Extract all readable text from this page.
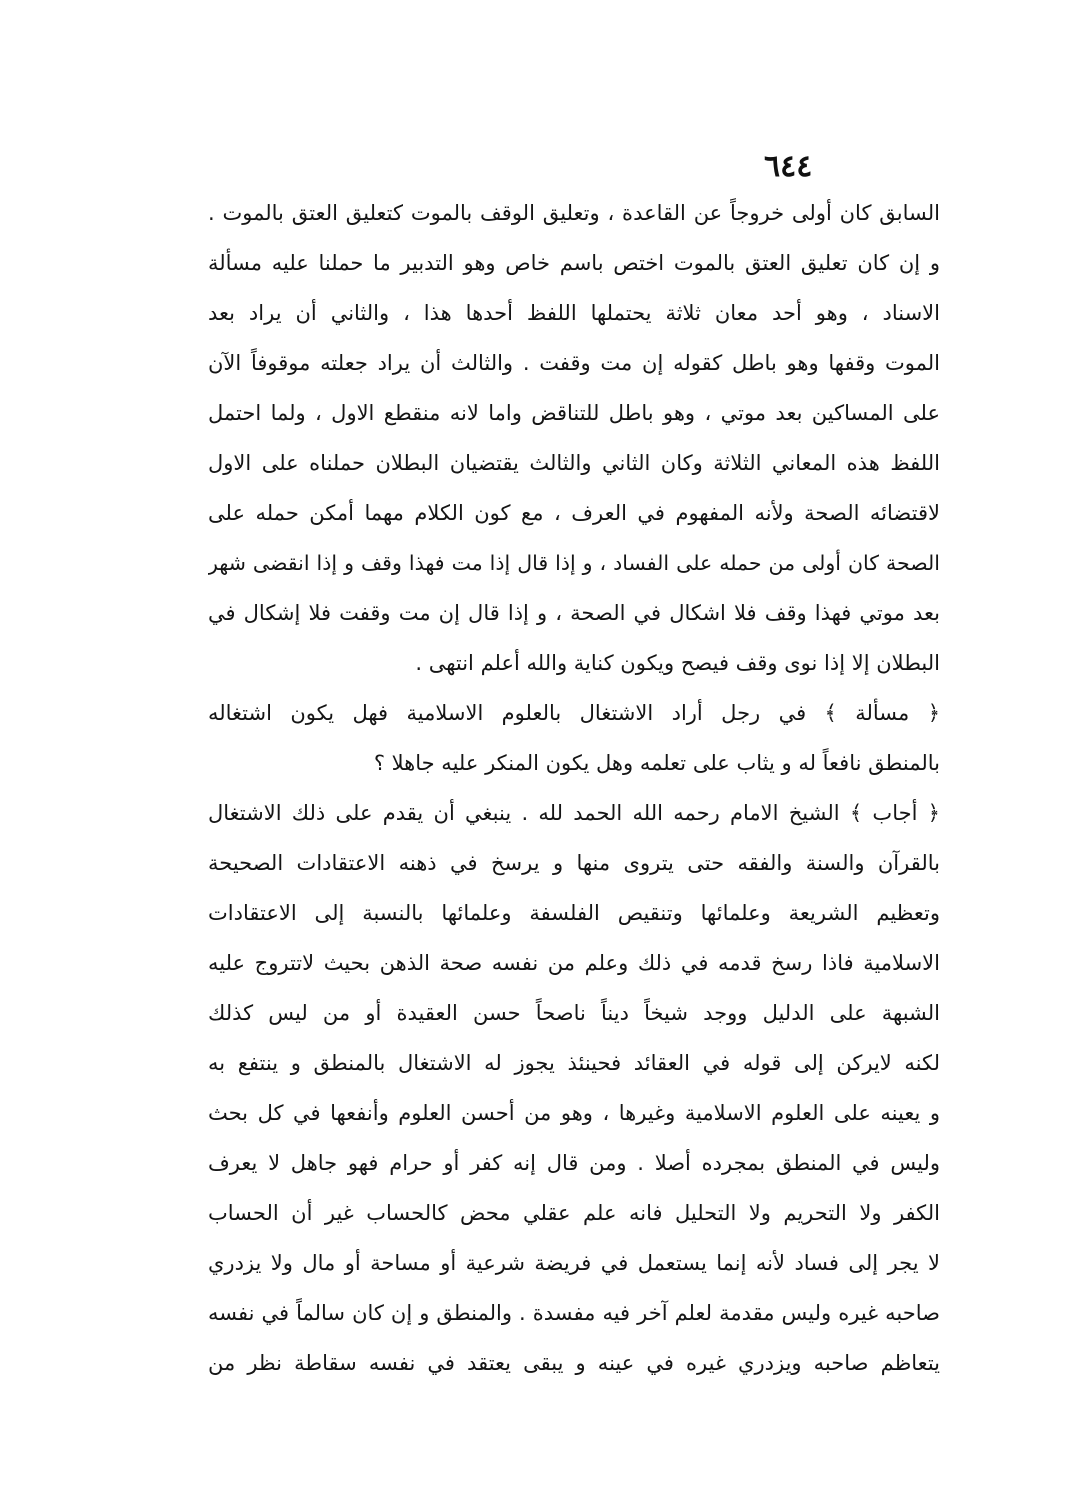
٦٤٤
السابق كان أولى خروجاً عن القاعدة ، وتعليق الوقف بالموت كتعليق العتق بالموت .
و إن كان تعليق العتق بالموت اختص باسم خاص وهو التدبير ما حملنا عليه مسألة
الاسناد ، وهو أحد معان ثلاثة يحتملها اللفظ أحدها هذا ، والثاني أن يراد بعد
الموت وقفها وهو باطل كقوله إن مت وقفت . والثالث أن يراد جعلته موقوفاً الآن
على المساكين بعد موتي ، وهو باطل للتناقض واما لانه منقطع الاول ، ولما احتمل
اللفظ هذه المعاني الثلاثة وكان الثاني والثالث يقتضيان البطلان حملناه على الاول
لاقتضائه الصحة ولأنه المفهوم في العرف ، مع كون الكلام مهما أمكن حمله على
الصحة كان أولى من حمله على الفساد ، و إذا قال إذا مت فهذا وقف و إذا انقضى شهر
بعد موتي فهذا وقف فلا اشكال في الصحة ، و إذا قال إن مت وقفت فلا إشكال في
البطلان إلا إذا نوى وقف فيصح ويكون كناية والله أعلم انتهى .
﴿ مسألة ﴾ في رجل أراد الاشتغال بالعلوم الاسلامية فهل يكون اشتغاله
بالمنطق نافعاً له و يثاب على تعلمه وهل يكون المنكر عليه جاهلا ؟
﴿ أجاب ﴾ الشيخ الامام رحمه الله الحمد لله . ينبغي أن يقدم على ذلك الاشتغال
بالقرآن والسنة والفقه حتى يتروى منها و يرسخ في ذهنه الاعتقادات الصحيحة
وتعظيم الشريعة وعلمائها وتنقيص الفلسفة وعلمائها بالنسبة إلى الاعتقادات
الاسلامية فاذا رسخ قدمه في ذلك وعلم من نفسه صحة الذهن بحيث لاتتروج عليه
الشبهة على الدليل ووجد شيخاً ديناً ناصحاً حسن العقيدة أو من ليس كذلك
لكنه لايركن إلى قوله في العقائد فحينئذ يجوز له الاشتغال بالمنطق و ينتفع به
و يعينه على العلوم الاسلامية وغيرها ، وهو من أحسن العلوم وأنفعها في كل بحث
وليس في المنطق بمجرده أصلا . ومن قال إنه كفر أو حرام فهو جاهل لا يعرف
الكفر ولا التحريم ولا التحليل فانه علم عقلي محض كالحساب غير أن الحساب
لا يجر إلى فساد لأنه إنما يستعمل في فريضة شرعية أو مساحة أو مال ولا يزدري
صاحبه غيره وليس مقدمة لعلم آخر فيه مفسدة . والمنطق و إن كان سالماً في نفسه
يتعاظم صاحبه ويزدري غيره في عينه و يبقى يعتقد في نفسه سقاطة نظر من
